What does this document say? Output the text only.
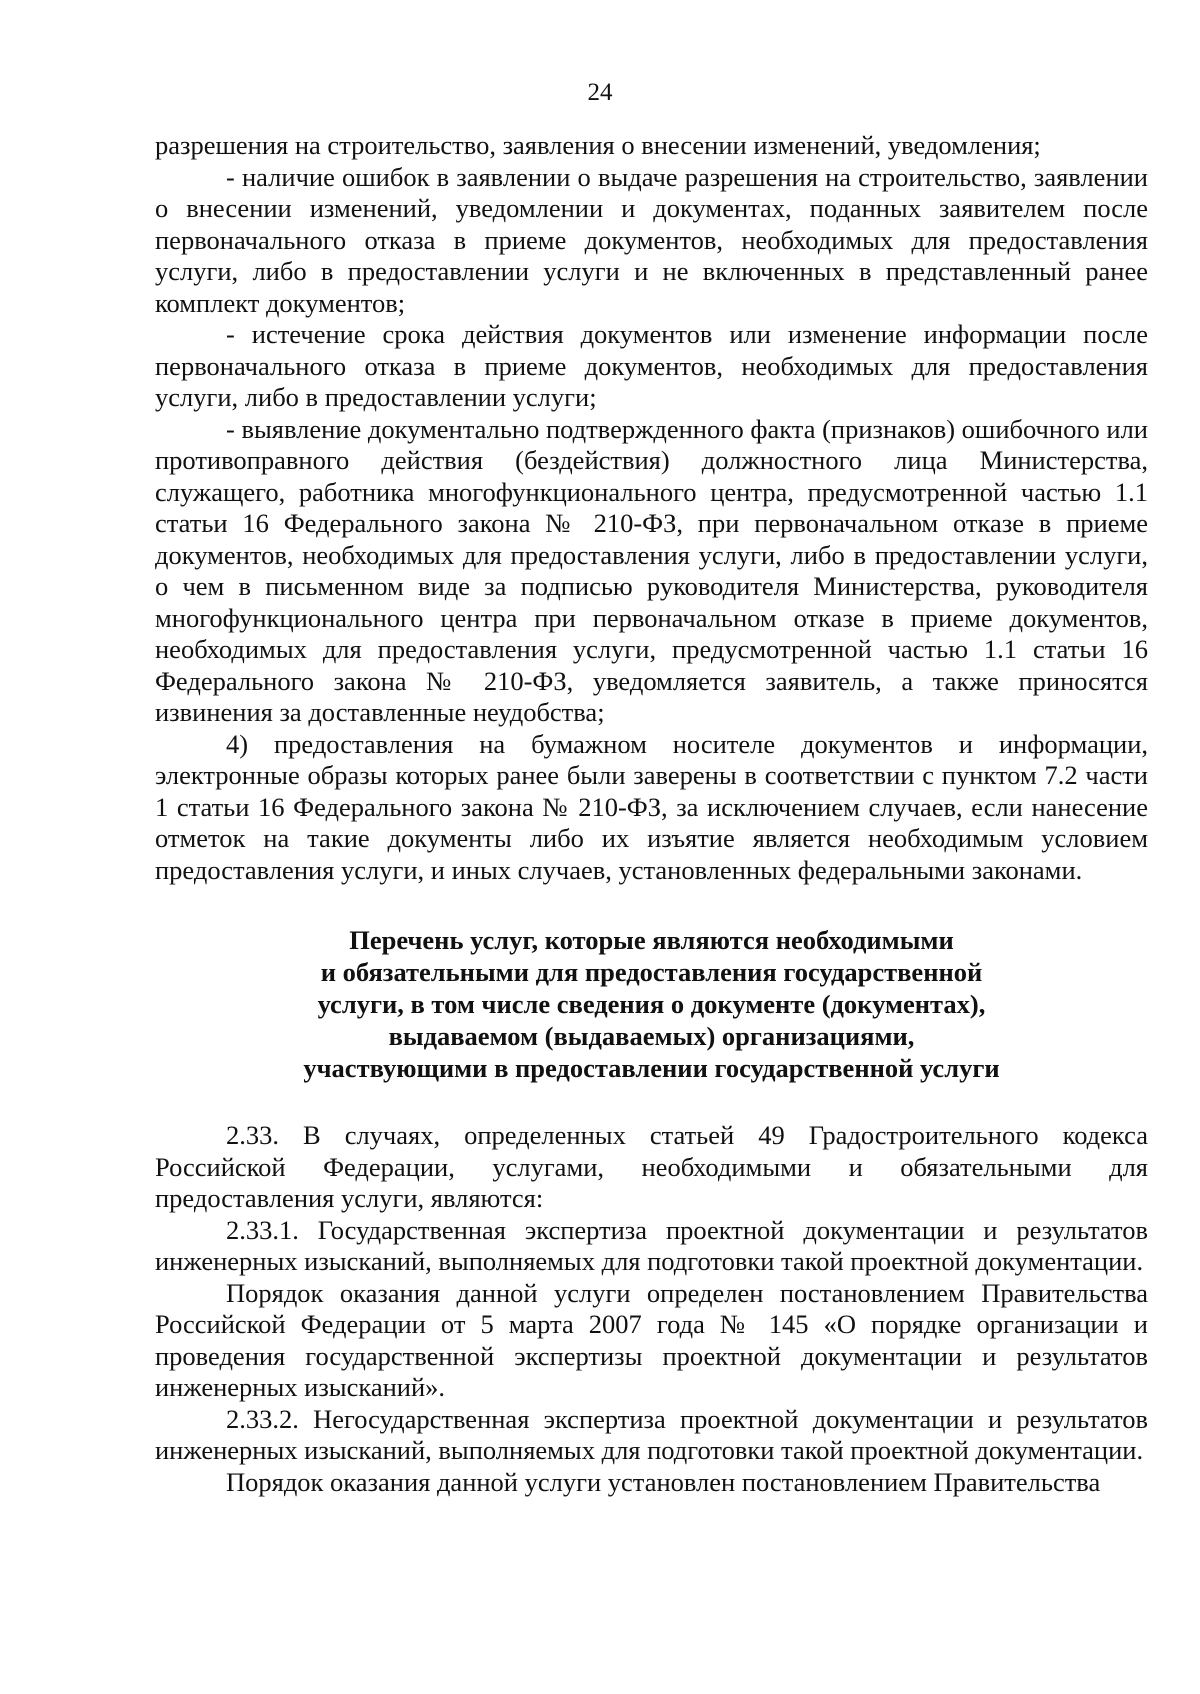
24

разрешения на строительство, заявления о внесении изменений, уведомления;

- наличие ошибок в заявлении о выдаче разрешения на строительство, заявлении о внесении изменений, уведомлении и документах, поданных заявителем после первоначального отказа в приеме документов, необходимых для предоставления услуги, либо в предоставлении услуги и не включенных в представленный ранее комплект документов;

- истечение срока действия документов или изменение информации после первоначального отказа в приеме документов, необходимых для предоставления услуги, либо в предоставлении услуги;

- выявление документально подтвержденного факта (признаков) ошибочного или противоправного действия (бездействия) должностного лица Министерства, служащего, работника многофункционального центра, предусмотренной частью 1.1 статьи 16 Федерального закона № 210-ФЗ, при первоначальном отказе в приеме документов, необходимых для предоставления услуги, либо в предоставлении услуги, о чем в письменном виде за подписью руководителя Министерства, руководителя многофункционального центра при первоначальном отказе в приеме документов, необходимых для предоставления услуги, предусмотренной частью 1.1 статьи 16 Федерального закона № 210-ФЗ, уведомляется заявитель, а также приносятся извинения за доставленные неудобства;

4) предоставления на бумажном носителе документов и информации, электронные образы которых ранее были заверены в соответствии с пунктом 7.2 части 1 статьи 16 Федерального закона № 210-ФЗ, за исключением случаев, если нанесение отметок на такие документы либо их изъятие является необходимым условием предоставления услуги, и иных случаев, установленных федеральными законами.

Перечень услуг, которые являются необходимыми
и обязательными для предоставления государственной
услуги, в том числе сведения о документе (документах),
выдаваемом (выдаваемых) организациями,
участвующими в предоставлении государственной услуги

2.33. В случаях, определенных статьей 49 Градостроительного кодекса Российской Федерации, услугами, необходимыми и обязательными для предоставления услуги, являются:

2.33.1. Государственная экспертиза проектной документации и результатов инженерных изысканий, выполняемых для подготовки такой проектной документации.

Порядок оказания данной услуги определен постановлением Правительства Российской Федерации от 5 марта 2007 года № 145 «О порядке организации и проведения государственной экспертизы проектной документации и результатов инженерных изысканий».

2.33.2. Негосударственная экспертиза проектной документации и результатов инженерных изысканий, выполняемых для подготовки такой проектной документации.

Порядок оказания данной услуги установлен постановлением Правительства
